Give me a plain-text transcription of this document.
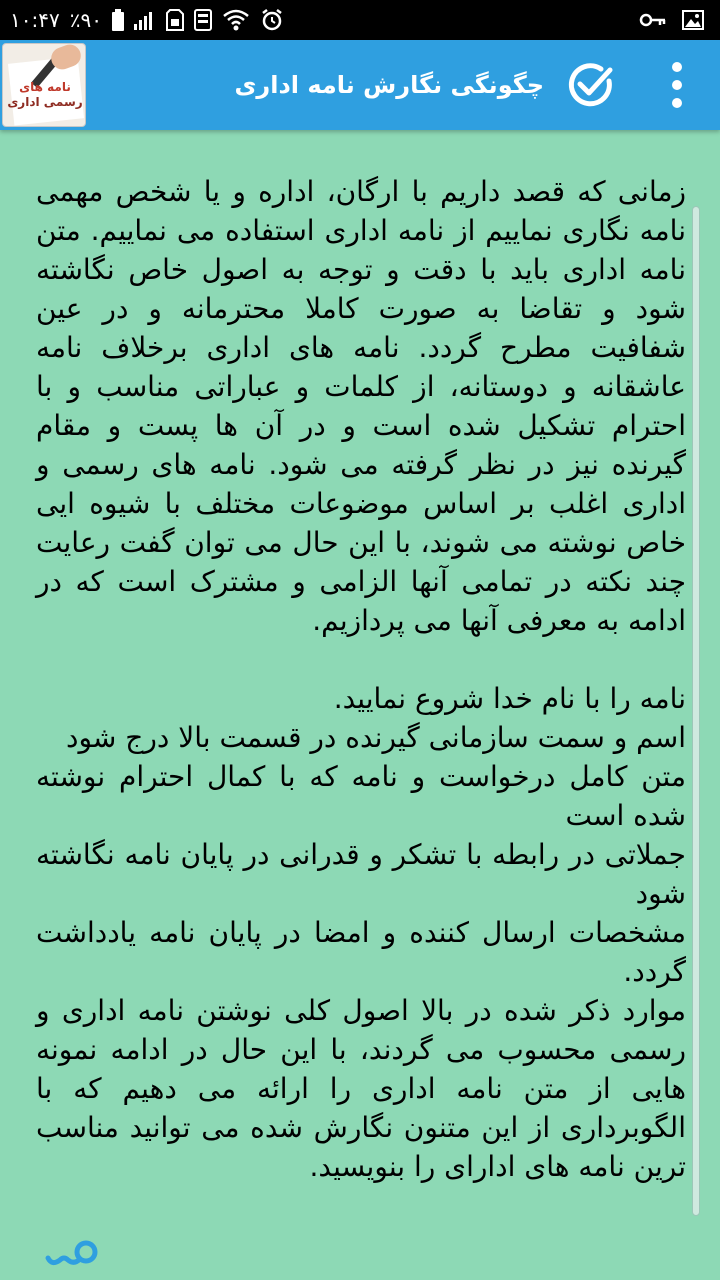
۱۰:۴۷ ٪۹۰
نامه های
رسمی اداری
چگونگی نگارش نامه اداری
زمانی که قصد داریم با ارگان، اداره و یا شخص مهمی نامه نگاری نماییم از نامه اداری استفاده می نماییم. متن نامه اداری باید با دقت و توجه به اصول خاص نگاشته شود و تقاضا به صورت کاملا محترمانه و در عین شفافیت مطرح گردد. نامه های اداری برخلاف نامه عاشقانه و دوستانه، از کلمات و عباراتی مناسب و با احترام تشکیل شده است و در آن ها پست و مقام گیرنده نیز در نظر گرفته می شود. نامه های رسمی و اداری اغلب بر اساس موضوعات مختلف با شیوه ایی خاص نوشته می شوند، با این حال می توان گفت رعایت چند نکته در تمامی آنها الزامی و مشترک است که در ادامه به معرفی آنها می پردازیم.

نامه را با نام خدا شروع نمایید.
اسم و سمت سازمانی گیرنده در قسمت بالا درج شود
متن کامل درخواست و نامه که با کمال احترام نوشته شده است
جملاتی در رابطه با تشکر و قدرانی در پایان نامه نگاشته شود
مشخصات ارسال کننده و امضا در پایان نامه یادداشت گردد.
موارد ذکر شده در بالا اصول کلی نوشتن نامه اداری و رسمی محسوب می گردند، با این حال در ادامه نمونه هایی از متن نامه اداری را ارائه می دهیم که با الگوبرداری از این متنون نگارش شده می توانید مناسب ترین نامه های ادارای را بنویسید.
